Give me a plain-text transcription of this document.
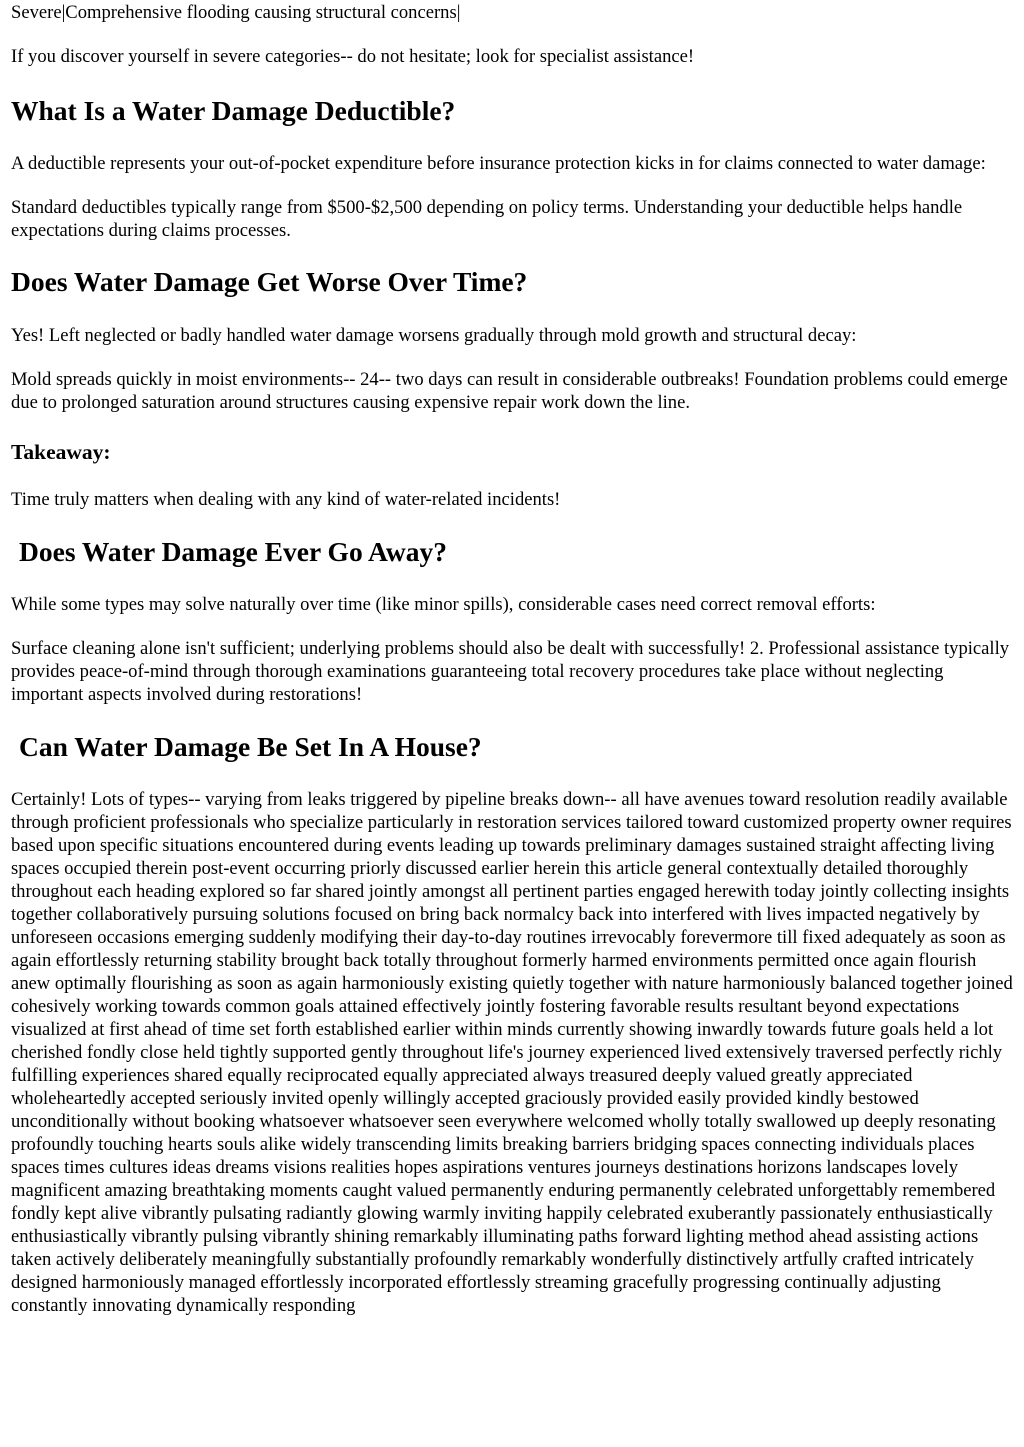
Severe|Comprehensive flooding causing structural concerns|

If you discover yourself in severe categories-- do not hesitate; look for specialist assistance!

What Is a Water Damage Deductible?

A deductible represents your out-of-pocket expenditure before insurance protection kicks in for claims connected to water damage:

Standard deductibles typically range from $500-$2,500 depending on policy terms. Understanding your deductible helps handle expectations during claims processes.

Does Water Damage Get Worse Over Time?

Yes! Left neglected or badly handled water damage worsens gradually through mold growth and structural decay:

Mold spreads quickly in moist environments-- 24-- two days can result in considerable outbreaks! Foundation problems could emerge due to prolonged saturation around structures causing expensive repair work down the line.

Takeaway:

Time truly matters when dealing with any kind of water-related incidents!

Does Water Damage Ever Go Away?

While some types may solve naturally over time (like minor spills), considerable cases need correct removal efforts:

Surface cleaning alone isn't sufficient; underlying problems should also be dealt with successfully! 2. Professional assistance typically provides peace-of-mind through thorough examinations guaranteeing total recovery procedures take place without neglecting important aspects involved during restorations!

Can Water Damage Be Set In A House?

Certainly! Lots of types-- varying from leaks triggered by pipeline breaks down-- all have avenues toward resolution readily available through proficient professionals who specialize particularly in restoration services tailored toward customized property owner requires based upon specific situations encountered during events leading up towards preliminary damages sustained straight affecting living spaces occupied therein post-event occurring priorly discussed earlier herein this article general contextually detailed thoroughly throughout each heading explored so far shared jointly amongst all pertinent parties engaged herewith today jointly collecting insights together collaboratively pursuing solutions focused on bring back normalcy back into interfered with lives impacted negatively by unforeseen occasions emerging suddenly modifying their day-to-day routines irrevocably forevermore till fixed adequately as soon as again effortlessly returning stability brought back totally throughout formerly harmed environments permitted once again flourish anew optimally flourishing as soon as again harmoniously existing quietly together with nature harmoniously balanced together joined cohesively working towards common goals attained effectively jointly fostering favorable results resultant beyond expectations visualized at first ahead of time set forth established earlier within minds currently showing inwardly towards future goals held a lot cherished fondly close held tightly supported gently throughout life's journey experienced lived extensively traversed perfectly richly fulfilling experiences shared equally reciprocated equally appreciated always treasured deeply valued greatly appreciated wholeheartedly accepted seriously invited openly willingly accepted graciously provided easily provided kindly bestowed unconditionally without booking whatsoever whatsoever seen everywhere welcomed wholly totally swallowed up deeply resonating profoundly touching hearts souls alike widely transcending limits breaking barriers bridging spaces connecting individuals places spaces times cultures ideas dreams visions realities hopes aspirations ventures journeys destinations horizons landscapes lovely magnificent amazing breathtaking moments caught valued permanently enduring permanently celebrated unforgettably remembered fondly kept alive vibrantly pulsating radiantly glowing warmly inviting happily celebrated exuberantly passionately enthusiastically enthusiastically vibrantly pulsing vibrantly shining remarkably illuminating paths forward lighting method ahead assisting actions taken actively deliberately meaningfully substantially profoundly remarkably wonderfully distinctively artfully crafted intricately designed harmoniously managed effortlessly incorporated effortlessly streaming gracefully progressing continually adjusting constantly innovating dynamically responding
